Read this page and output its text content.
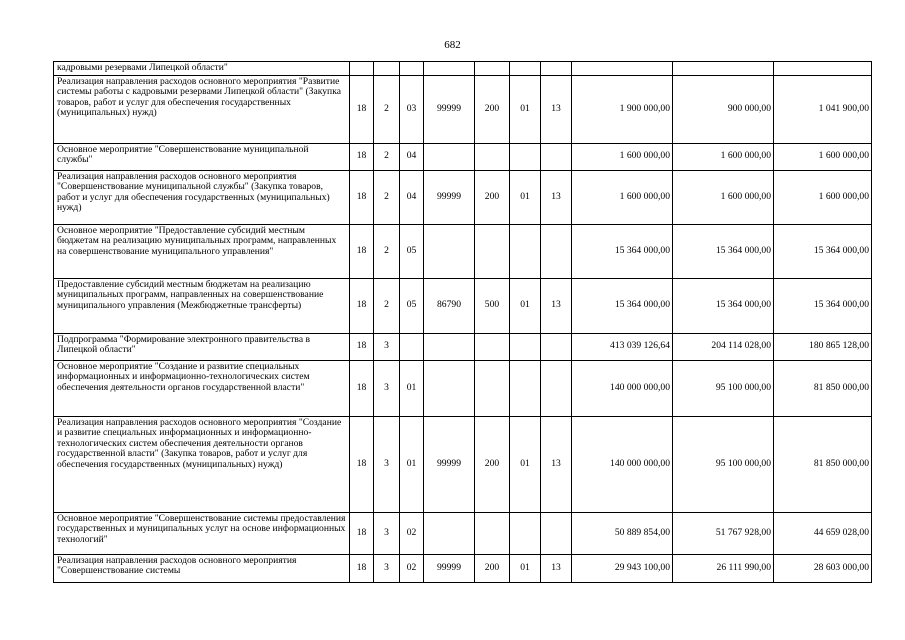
682
кадровыми резервами Липецкой области"										
Реализация направления расходов основного мероприятия "Развитие системы работы с кадровыми резервами Липецкой области" (Закупка товаров, работ и услуг для обеспечения государственных (муниципальных) нужд)	18	2	03	99999	200	01	13	1 900 000,00	900 000,00	1 041 900,00
Основное мероприятие "Совершенствование муниципальной службы"	18	2	04					1 600 000,00	1 600 000,00	1 600 000,00
Реализация направления расходов основного мероприятия "Совершенствование муниципальной службы" (Закупка товаров, работ и услуг для обеспечения государственных (муниципальных) нужд)	18	2	04	99999	200	01	13	1 600 000,00	1 600 000,00	1 600 000,00
Основное мероприятие "Предоставление субсидий местным бюджетам на реализацию муниципальных программ, направленных на совершенствование муниципального управления"	18	2	05					15 364 000,00	15 364 000,00	15 364 000,00
Предоставление субсидий местным бюджетам на реализацию муниципальных программ, направленных на совершенствование муниципального управления (Межбюджетные трансферты)	18	2	05	86790	500	01	13	15 364 000,00	15 364 000,00	15 364 000,00
Подпрограмма "Формирование электронного правительства в Липецкой области"	18	3						413 039 126,64	204 114 028,00	180 865 128,00
Основное мероприятие "Создание и развитие специальных информационных и информационно-технологических систем обеспечения деятельности органов государственной власти"	18	3	01					140 000 000,00	95 100 000,00	81 850 000,00
Реализация направления расходов основного мероприятия "Создание и развитие специальных информационных и информационно-технологических систем обеспечения деятельности органов государственной власти" (Закупка товаров, работ и услуг для обеспечения государственных (муниципальных) нужд)	18	3	01	99999	200	01	13	140 000 000,00	95 100 000,00	81 850 000,00
Основное мероприятие "Совершенствование системы предоставления государственных и муниципальных услуг на основе информационных технологий"	18	3	02					50 889 854,00	51 767 928,00	44 659 028,00
Реализация направления расходов основного мероприятия "Совершенствование системы	18	3	02	99999	200	01	13	29 943 100,00	26 111 990,00	28 603 000,00
